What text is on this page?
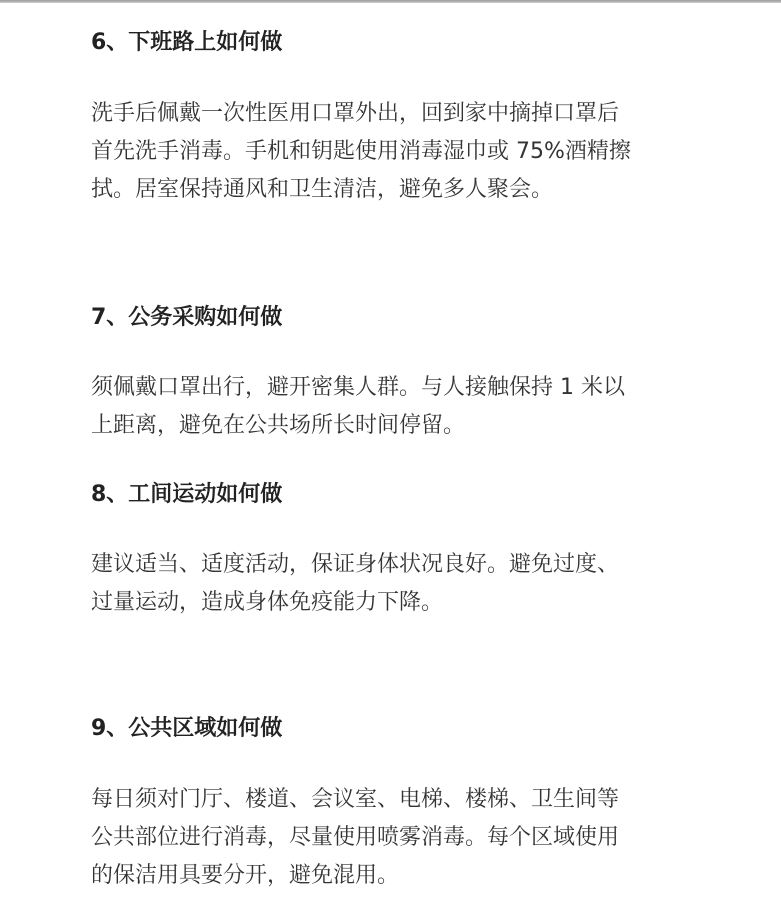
6、下班路上如何做

洗手后佩戴一次性医用口罩外出，回到家中摘掉口罩后
首先洗手消毒。手机和钥匙使用消毒湿巾或 75%酒精擦
拭。居室保持通风和卫生清洁，避免多人聚会。

7、公务采购如何做

须佩戴口罩出行，避开密集人群。与人接触保持 1 米以
上距离，避免在公共场所长时间停留。

8、工间运动如何做

建议适当、适度活动，保证身体状况良好。避免过度、
过量运动，造成身体免疫能力下降。

9、公共区域如何做

每日须对门厅、楼道、会议室、电梯、楼梯、卫生间等
公共部位进行消毒，尽量使用喷雾消毒。每个区域使用
的保洁用具要分开，避免混用。
